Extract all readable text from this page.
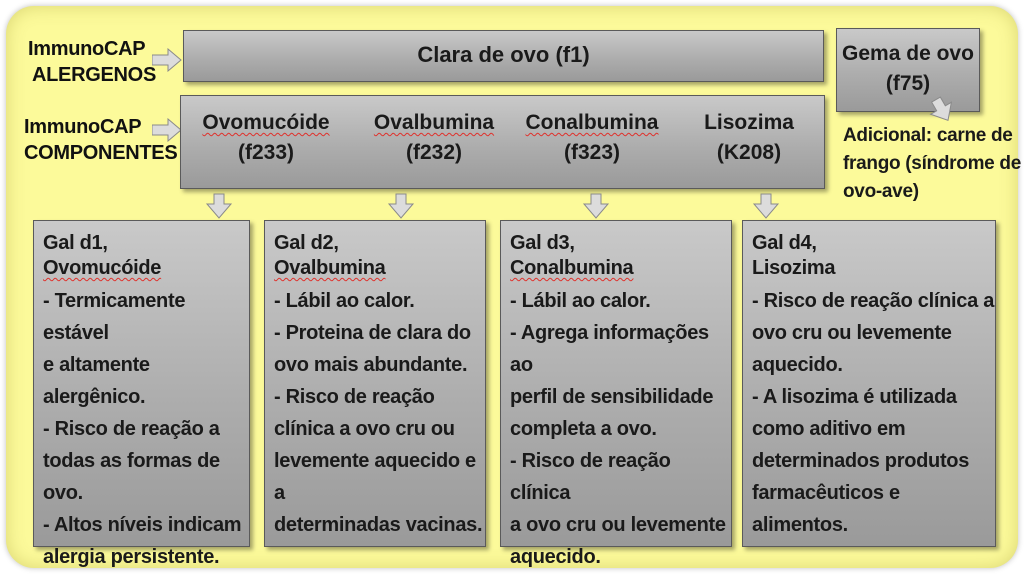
ImmunoCAP
ALERGENOS
ImmunoCAP
COMPONENTES
Clara de ovo (f1)	Gema de ovo
(f75)
Adicional: carne de
frango (síndrome de
ovo-ave)
Ovomucóide
(f233)
Ovalbumina
(f232)
Conalbumina
(f323)
Lisozima
(K208)
Gal d1,
Ovomucóide
- Termicamente estável
e altamente alergênico.
- Risco de reação a
todas as formas de
ovo.
- Altos níveis indicam
alergia persistente.
Gal d2,
Ovalbumina
- Lábil ao calor.
- Proteina de clara do
ovo mais abundante.
- Risco de reação
clínica a ovo cru ou
levemente aquecido e a
determinadas vacinas.
Gal d3,
Conalbumina
- Lábil ao calor.
- Agrega informações ao
perfil de sensibilidade
completa a ovo.
- Risco de reação clínica
a ovo cru ou levemente
aquecido.
Gal d4,
Lisozima
- Risco de reação clínica a
ovo cru ou levemente
aquecido.
- A lisozima é utilizada
como aditivo em
determinados produtos
farmacêuticos e alimentos.
